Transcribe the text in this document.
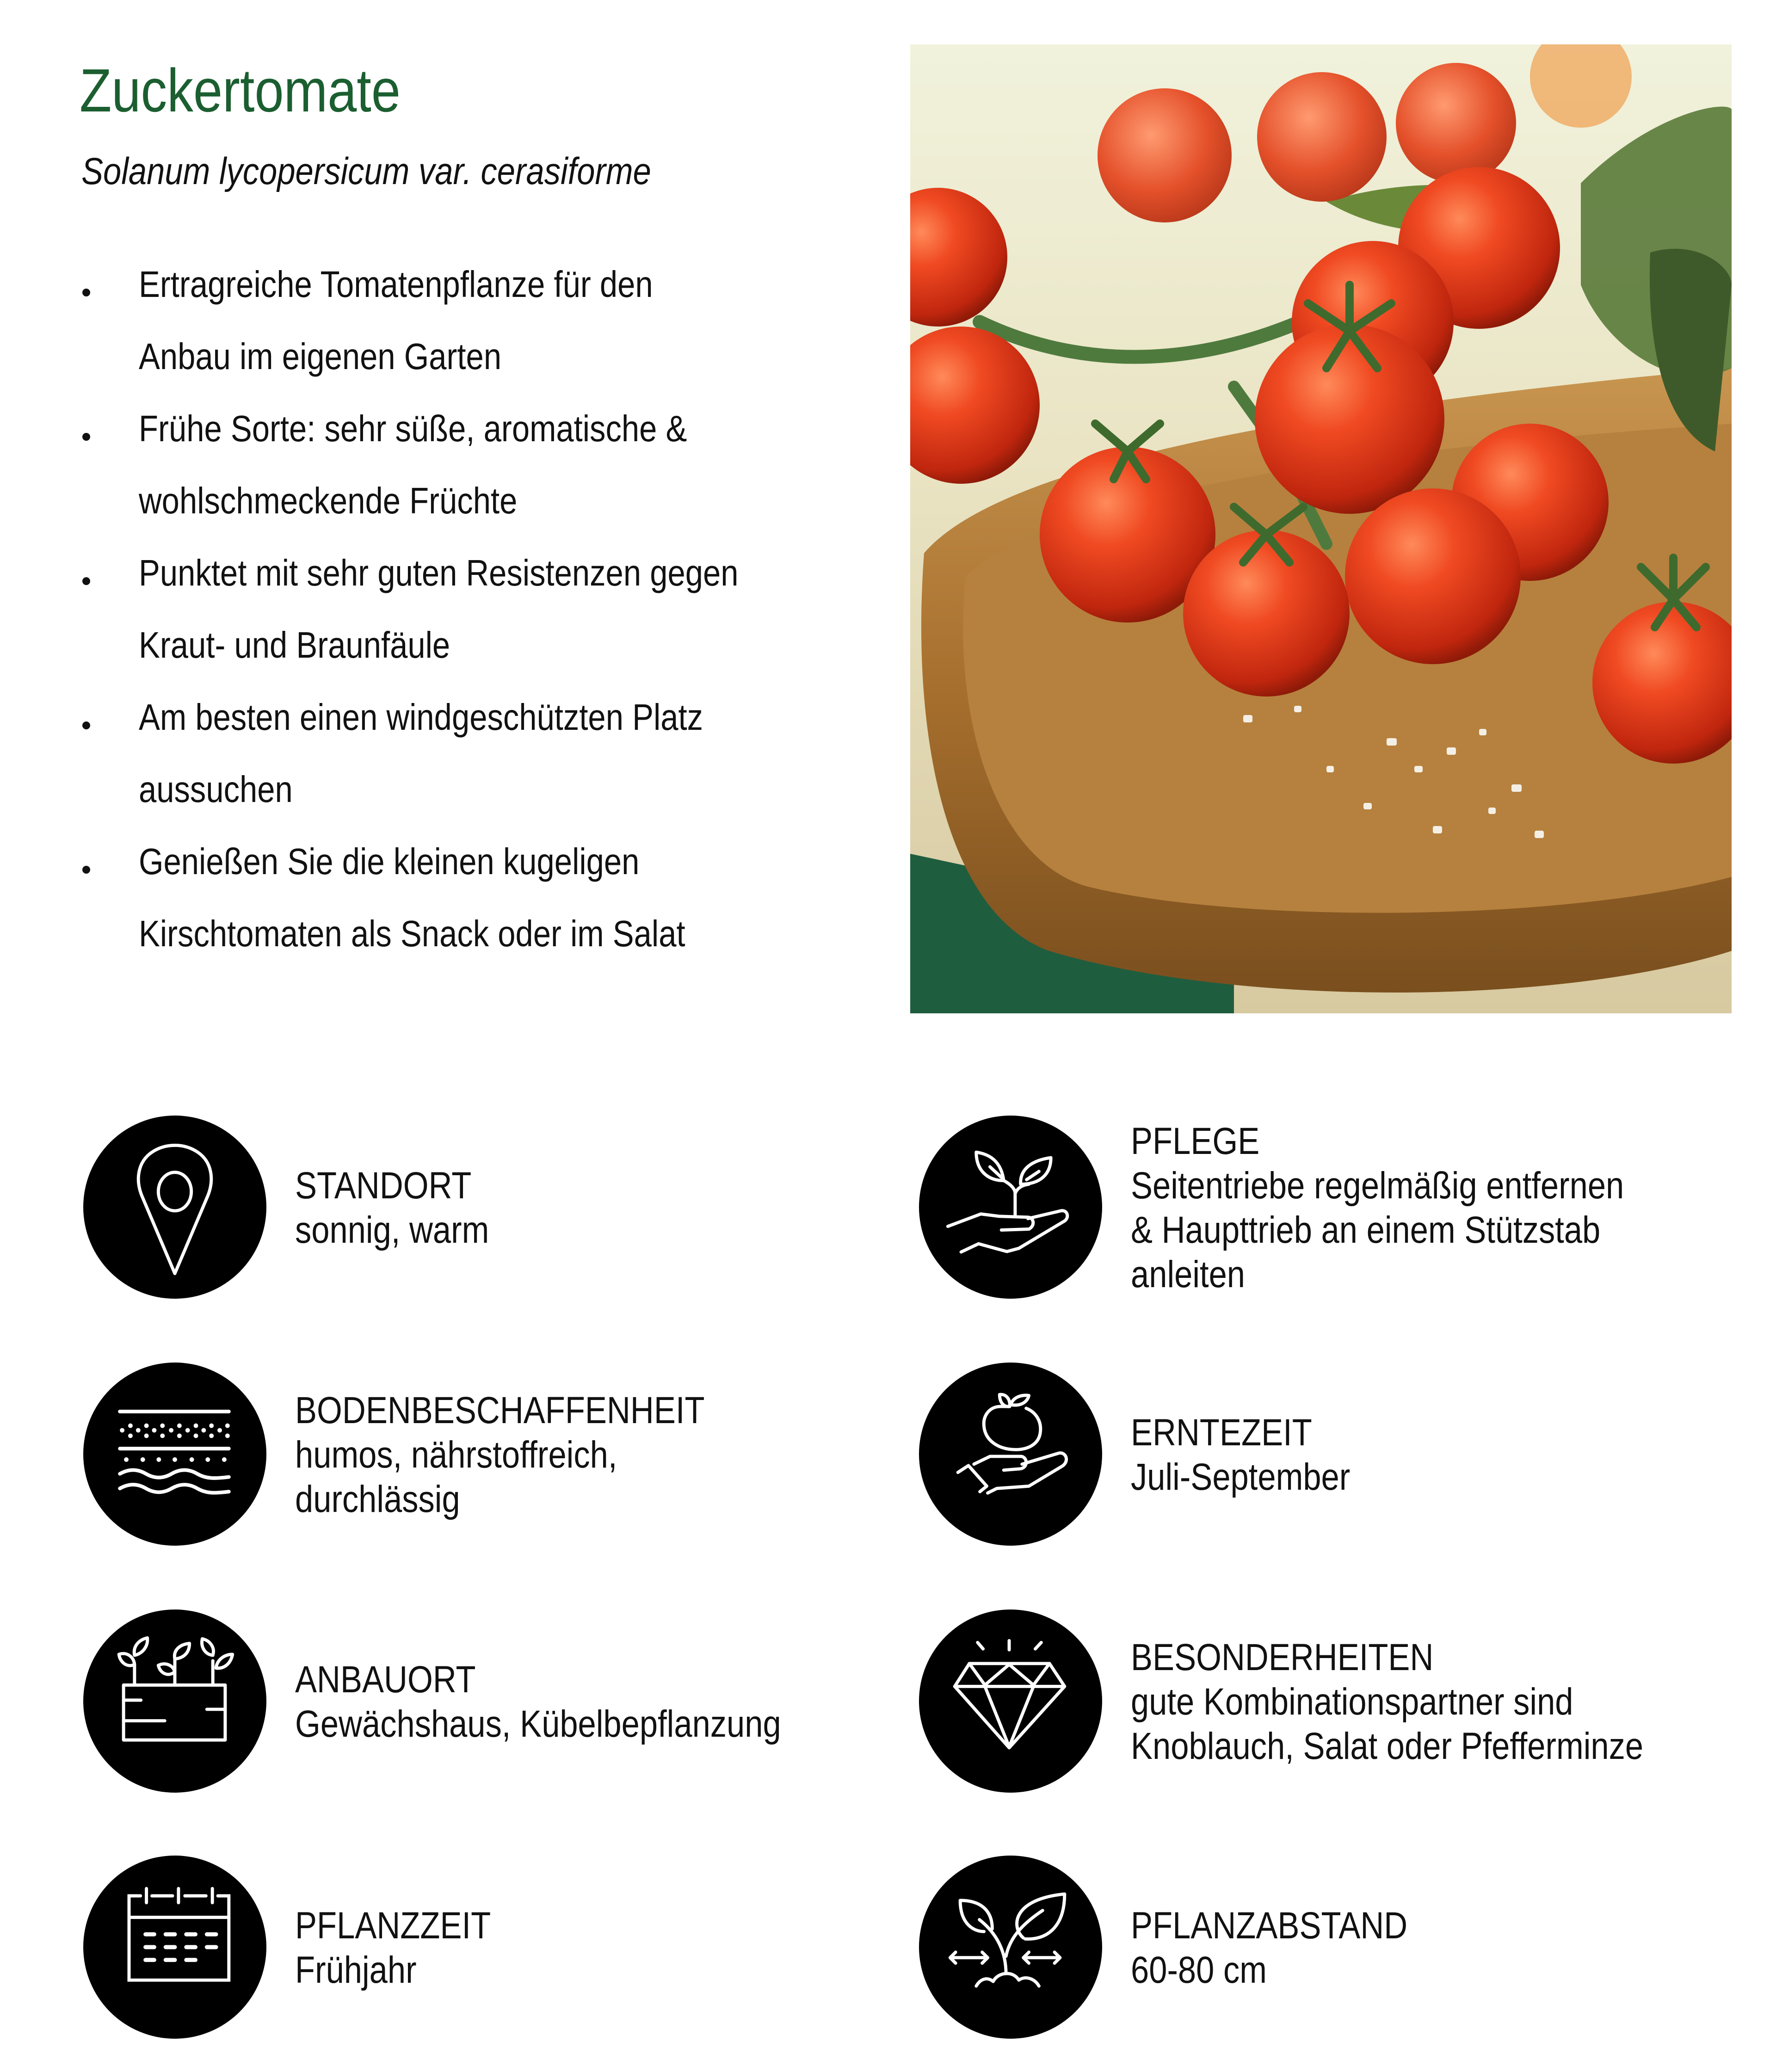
Zuckertomate
Solanum lycopersicum var. cerasiforme
Ertragreiche Tomatenpflanze für den
Anbau im eigenen Garten
Frühe Sorte: sehr süße, aromatische &
wohlschmeckende Früchte
Punktet mit sehr guten Resistenzen gegen
Kraut- und Braunfäule
Am besten einen windgeschützten Platz
aussuchen
Genießen Sie die kleinen kugeligen
Kirschtomaten als Snack oder im Salat
STANDORT
sonnig, warm
BODENBESCHAFFENHEIT
humos, nährstoffreich,
durchlässig
ANBAUORT
Gewächshaus, Kübelbepflanzung
PFLANZZEIT
Frühjahr
PFLEGE
Seitentriebe regelmäßig entfernen
& Haupttrieb an einem Stützstab
anleiten
ERNTEZEIT
Juli-September
BESONDERHEITEN
gute Kombinationspartner sind
Knoblauch, Salat oder Pfefferminze
PFLANZABSTAND
60-80 cm
